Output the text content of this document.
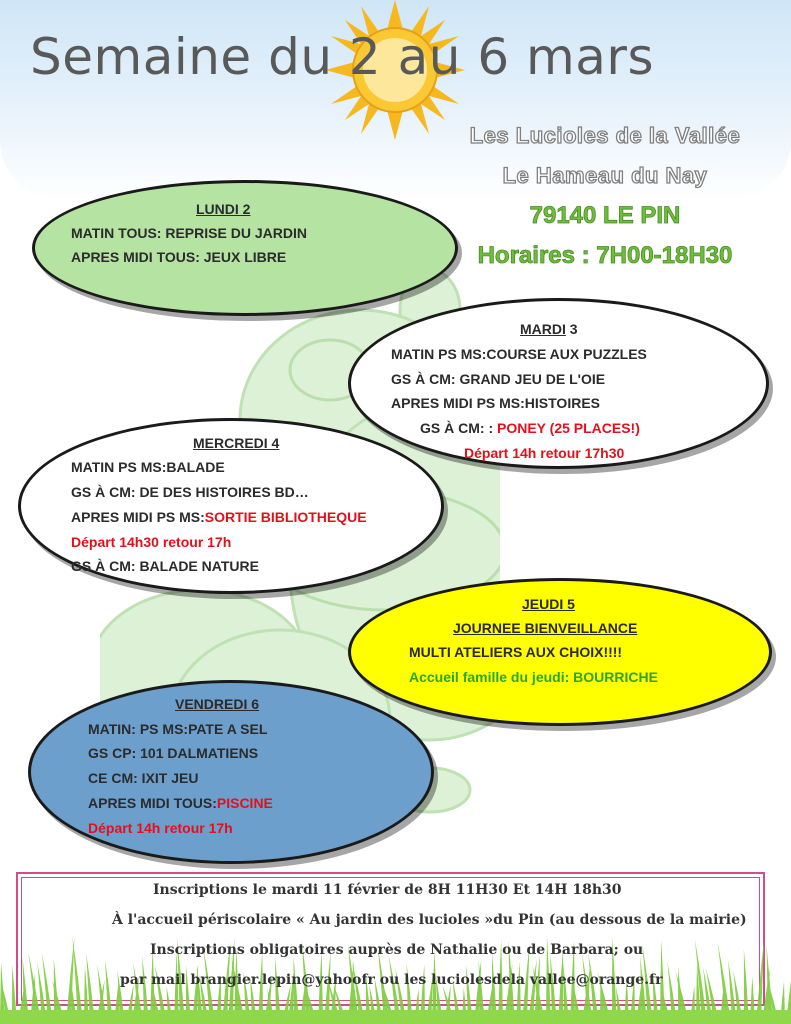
Semaine du 2 au 6 mars
Les Lucioles de la Vallée
Le Hameau du Nay
79140 LE PIN
Horaires : 7H00-18H30
LUNDI 2
MATIN TOUS: REPRISE DU JARDIN
APRES MIDI TOUS: JEUX LIBRE
MARDI 3
MATIN PS MS:COURSE AUX PUZZLES
GS À CM: GRAND JEU DE L'OIE
APRES MIDI PS MS:HISTOIRES
GS À CM: : PONEY (25 PLACES!)
Départ 14h retour 17h30
MERCREDI 4
MATIN PS MS:BALADE
GS À CM: DE DES HISTOIRES BD…
APRES MIDI PS MS:SORTIE BIBLIOTHEQUE
Départ 14h30 retour 17h
GS À CM: BALADE NATURE
JEUDI 5
JOURNEE BIENVEILLANCE
MULTI ATELIERS AUX CHOIX!!!!
Accueil famille du jeudi: BOURRICHE
VENDREDI 6
MATIN: PS MS:PATE A SEL
GS CP: 101 DALMATIENS
CE CM: IXIT JEU
APRES MIDI TOUS:PISCINE
Départ 14h retour 17h
Inscriptions le mardi 11 février de 8H 11H30 Et 14H 18h30
À l'accueil périscolaire « Au jardin des lucioles »du Pin (au dessous de la mairie)
Inscriptions obligatoires auprès de Nathalie ou de Barbara; ou
par mail brangier.lepin@yahoofr ou les luciolesdela vallee@orange.fr
